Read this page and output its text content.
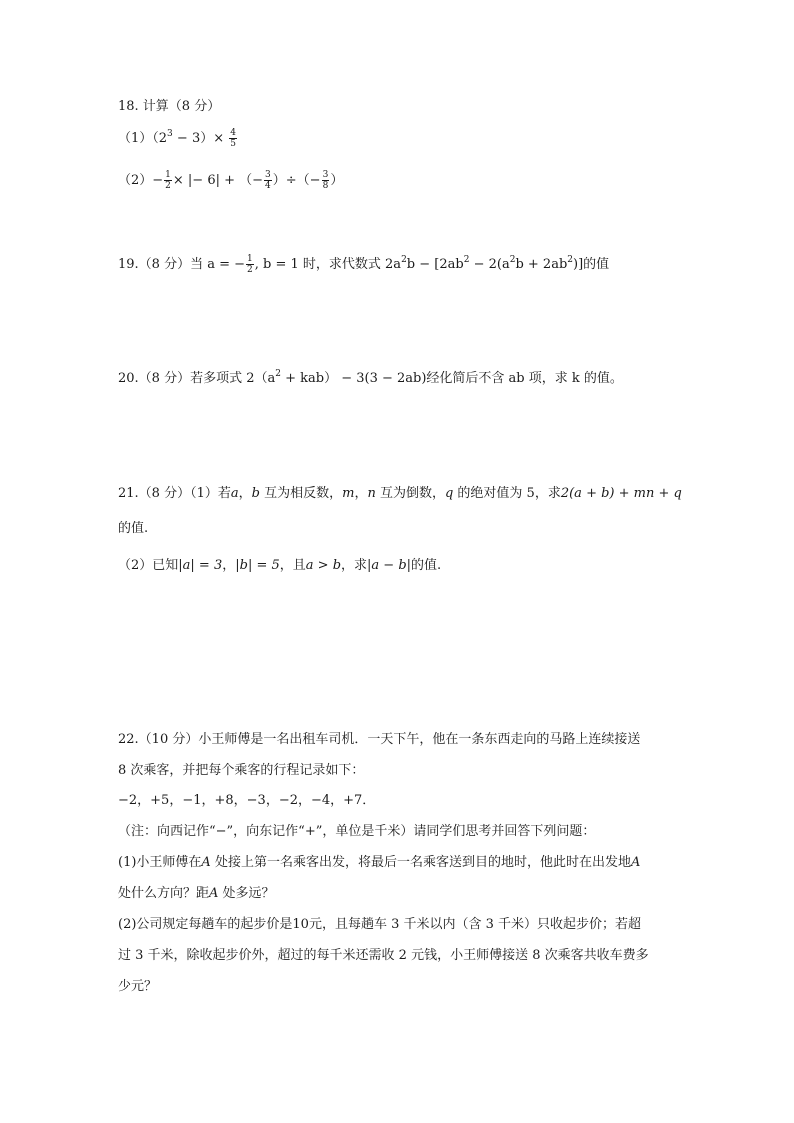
18. 计算（8 分）
$(1)(2^3 - 3)\times \frac{4}{5}$
$(2)- \frac{1}{2}$ × |− 6| + （− $\frac{3}{4}$ ）÷（− $\frac{3}{8}$ ）
19.（8 分）当 a = − $\frac{1}{2}$ , b = 1 时，求代数式 $2a^2b - [2ab^2 - 2(a^2b + 2ab^2)]$的值
20.（8 分）若多项式 $2(a^2 + kab) - 3(3 - 2ab)$经化简后不含 ab 项，求 k 的值。
21.（8 分）（1）若a，b 互为相反数，m，n 互为倒数，q 的绝对值为 5，求2(a + b) + mn + q
的值.
（2）已知|a| = 3，|b| = 5，且a > b，求|a − b|的值.
22.（10 分）小王师傅是一名出租车司机．一天下午，他在一条东西走向的马路上连续接送
8 次乘客，并把每个乘客的行程记录如下：
−2，+5，−1，+8，−3，−2，−4，+7．
（注：向西记作“−”，向东记作“+”，单位是千米）请同学们思考并回答下列问题：
(1)小王师傅在A 处接上第一名乘客出发，将最后一名乘客送到目的地时，他此时在出发地A
处什么方向？距A 处多远？
(2)公司规定每趟车的起步价是10元，且每趟车 3 千米以内（含 3 千米）只收起步价；若超
过 3 千米，除收起步价外，超过的每千米还需收 2 元钱，小王师傅接送 8 次乘客共收车费多
少元？
